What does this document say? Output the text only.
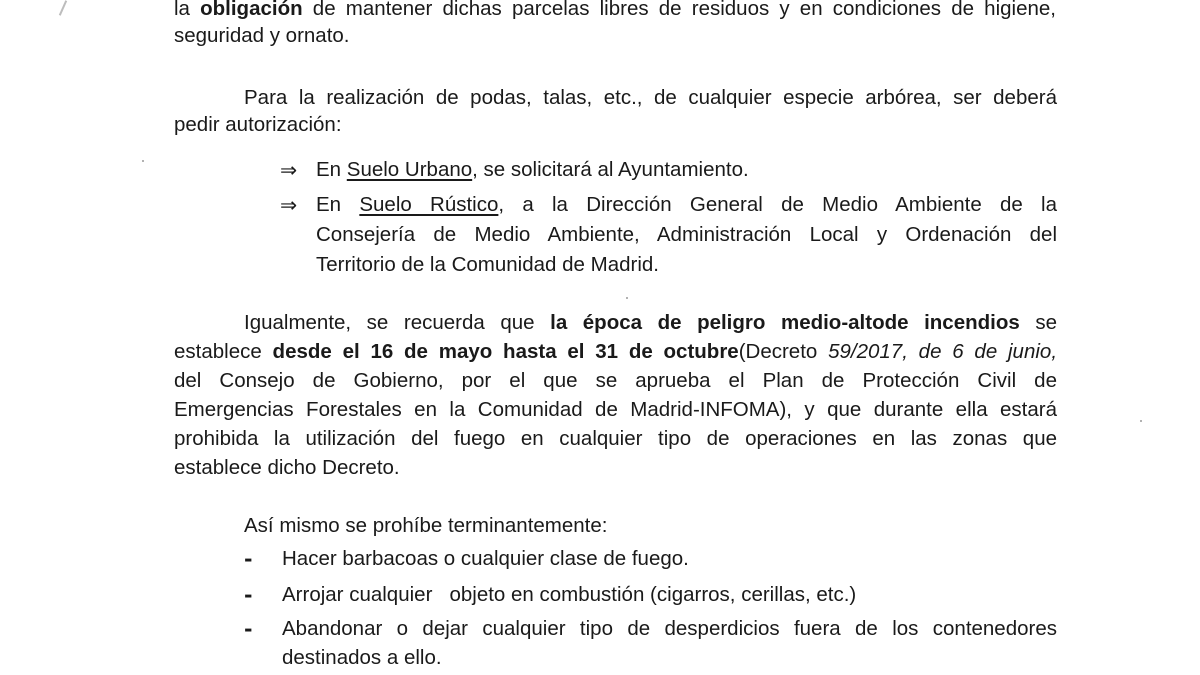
la obligación de mantener dichas parcelas libres de residuos y en condiciones de higiene,
seguridad y ornato.
Para la realización de podas, talas, etc., de cualquier especie arbórea, ser deberá
pedir autorización:
⇒ En Suelo Urbano, se solicitará al Ayuntamiento.
⇒ En Suelo Rústico, a la Dirección General de Medio Ambiente de la
Consejería de Medio Ambiente, Administración Local y Ordenación del
Territorio de la Comunidad de Madrid.
Igualmente, se recuerda que la época de peligro medio-altode incendios se
establece desde el 16 de mayo hasta el 31 de octubre(Decreto 59/2017, de 6 de junio,
del Consejo de Gobierno, por el que se aprueba el Plan de Protección Civil de
Emergencias Forestales en la Comunidad de Madrid-INFOMA), y que durante ella estará
prohibida la utilización del fuego en cualquier tipo de operaciones en las zonas que
establece dicho Decreto.
Así mismo se prohíbe terminantemente:
- Hacer barbacoas o cualquier clase de fuego.
- Arrojar cualquier   objeto en combustión (cigarros, cerillas, etc.)
- Abandonar o dejar cualquier tipo de desperdicios fuera de los contenedores
destinados a ello.
